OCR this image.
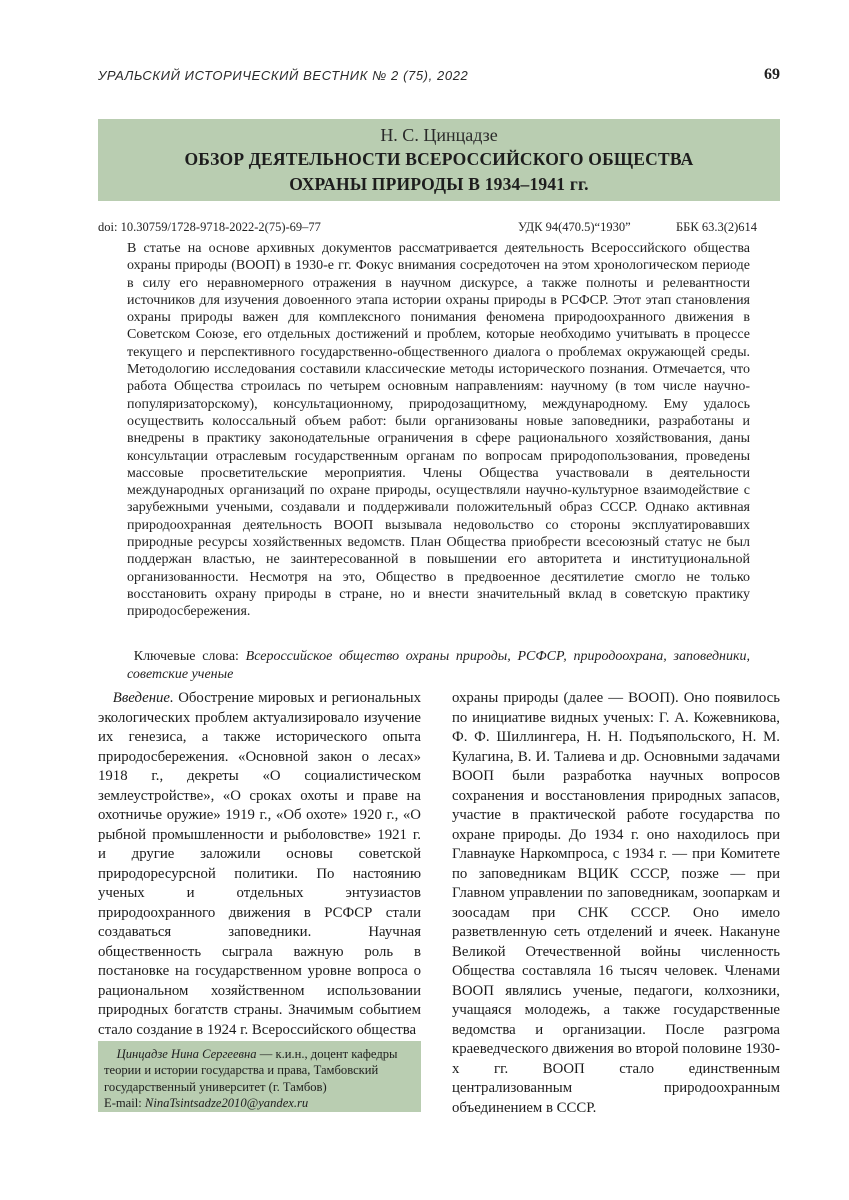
УРАЛЬСКИЙ ИСТОРИЧЕСКИЙ ВЕСТНИК № 2 (75), 2022	69
Н. С. Цинцадзе
ОБЗОР ДЕЯТЕЛЬНОСТИ ВСЕРОССИЙСКОГО ОБЩЕСТВА
ОХРАНЫ ПРИРОДЫ В 1934–1941 гг.
doi: 10.30759/1728-9718-2022-2(75)-69–77	УДК 94(470.5)“1930”	ББК 63.3(2)614
В статье на основе архивных документов рассматривается деятельность Всероссийского общества охраны природы (ВООП) в 1930-е гг. Фокус внимания сосредоточен на этом хронологическом периоде в силу его неравномерного отражения в научном дискурсе, а также полноты и релевантности источников для изучения довоенного этапа истории охраны природы в РСФСР. Этот этап становления охраны природы важен для комплексного понимания феномена природоохранного движения в Советском Союзе, его отдельных достижений и проблем, которые необходимо учитывать в процессе текущего и перспективного государственно-общественного диалога о проблемах окружающей среды. Методологию исследования составили классические методы исторического познания. Отмечается, что работа Общества строилась по четырем основным направлениям: научному (в том числе научно-популяризаторскому), консультационному, природозащитному, международному. Ему удалось осуществить колоссальный объем работ: были организованы новые заповедники, разработаны и внедрены в практику законодательные ограничения в сфере рационального хозяйствования, даны консультации отраслевым государственным органам по вопросам природопользования, проведены массовые просветительские мероприятия. Члены Общества участвовали в деятельности международных организаций по охране природы, осуществляли научно-культурное взаимодействие с зарубежными учеными, создавали и поддерживали положительный образ СССР. Однако активная природоохранная деятельность ВООП вызывала недовольство со стороны эксплуатировавших природные ресурсы хозяйственных ведомств. План Общества приобрести всесоюзный статус не был поддержан властью, не заинтересованной в повышении его авторитета и институциональной организованности. Несмотря на это, Общество в предвоенное десятилетие смогло не только восстановить охрану природы в стране, но и внести значительный вклад в советскую практику природосбережения.
Ключевые слова: Всероссийское общество охраны природы, РСФСР, природоохрана, заповедники, советские ученые
 Введение. Обострение мировых и региональных экологических проблем актуализировало изучение их генезиса, а также исторического опыта природосбережения. «Основной закон о лесах» 1918 г., декреты «О социалистическом землеустройстве», «О сроках охоты и праве на охотничье оружие» 1919 г., «Об охоте» 1920 г., «О рыбной промышленности и рыболовстве» 1921 г. и другие заложили основы советской природоресурсной политики. По настоянию ученых и отдельных энтузиастов природоохранного движения в РСФСР стали создаваться заповедники. Научная общественность сыграла важную роль в постановке на государственном уровне вопроса о рациональном хозяйственном использовании природных богатств страны. Значимым событием стало создание в 1924 г. Всероссийского общества
охраны природы (далее — ВООП). Оно появилось по инициативе видных ученых: Г. А. Кожевникова, Ф. Ф. Шиллингера, Н. Н. Подъяпольского, Н. М. Кулагина, В. И. Талиева и др. Основными задачами ВООП были разработка научных вопросов сохранения и восстановления природных запасов, участие в практической работе государства по охране природы. До 1934 г. оно находилось при Главнауке Наркомпроса, с 1934 г. — при Комитете по заповедникам ВЦИК СССР, позже — при Главном управлении по заповедникам, зоопаркам и зоосадам при СНК СССР. Оно имело разветвленную сеть отделений и ячеек. Накануне Великой Отечественной войны численность Общества составляла 16 тысяч человек. Членами ВООП являлись ученые, педагоги, колхозники, учащаяся молодежь, а также государственные ведомства и организации. После разгрома краеведческого движения во второй половине 1930-х гг. ВООП стало единственным централизованным природоохранным объединением в СССР.
 Цинцадзе Нина Сергеевна — к.и.н., доцент кафедры теории и истории государства и права, Тамбовский государственный университет (г. Тамбов)
E-mail: NinaTsintsadze2010@yandex.ru
